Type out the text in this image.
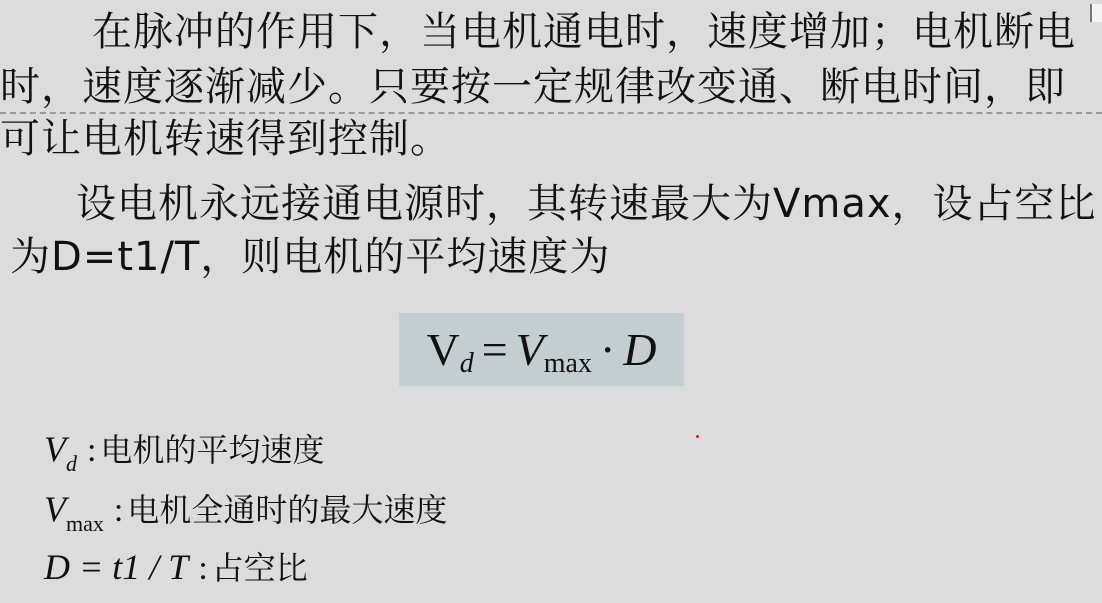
在脉冲的作用下，当电机通电时，速度增加；电机断电
时，速度逐渐减少。只要按一定规律改变通、断电时间，即
可让电机转速得到控制。
设电机永远接通电源时，其转速最大为Vmax，设占空比
为D=t1/T，则电机的平均速度为
V d = V max · D
$V_d$ : 电机的平均速度
$V_{max}$ : 电机全通时的最大速度
D = t1 / T : 占空比
